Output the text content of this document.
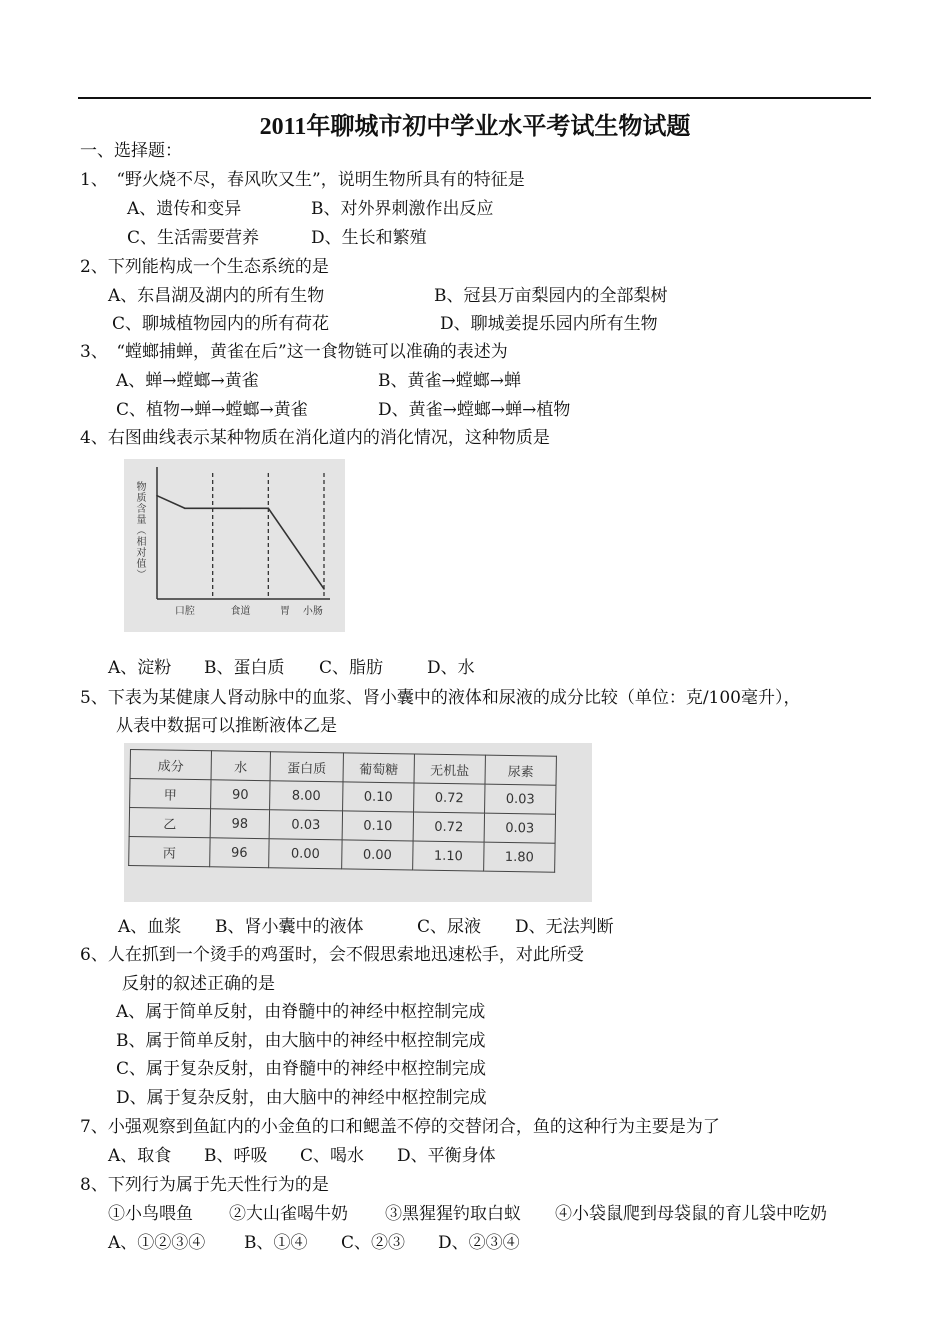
2011年聊城市初中学业水平考试生物试题
一、选择题：
1、　“野火烧不尽，春风吹又生”，说明生物所具有的特征是
A、遗传和变异	B、对外界刺激作出反应
C、生活需要营养	D、生长和繁殖
2、下列能构成一个生态系统的是
A、东昌湖及湖内的所有生物	B、冠县万亩梨园内的全部梨树
C、聊城植物园内的所有荷花	D、聊城姜提乐园内所有生物
3、　“螳螂捕蝉，黄雀在后”这一食物链可以准确的表述为
A、蝉→螳螂→黄雀	B、黄雀→螳螂→蝉
C、植物→蝉→螳螂→黄雀	D、黄雀→螳螂→蝉→植物
4、右图曲线表示某种物质在消化道内的消化情况，这种物质是
物质含量（相对值）
口腔	食道	胃 小肠
A、淀粉 B、蛋白质 C、脂肪	D、水
5、下表为某健康人肾动脉中的血浆、肾小囊中的液体和尿液的成分比较（单位：克/100毫升），
从表中数据可以推断液体乙是
成分	水	蛋白质	葡萄糖	无机盐	尿素
甲	90	8.00	0.10	0.72	0.03
乙	98	0.03	0.10	0.72	0.03
丙	96	0.00	0.00	1.10	1.80
A、血浆 B、肾小囊中的液体	C、尿液 D、无法判断
6、人在抓到一个烫手的鸡蛋时，会不假思索地迅速松手，对此所受
反射的叙述正确的是
A、属于简单反射，由脊髓中的神经中枢控制完成
B、属于简单反射，由大脑中的神经中枢控制完成
C、属于复杂反射，由脊髓中的神经中枢控制完成
D、属于复杂反射，由大脑中的神经中枢控制完成
7、小强观察到鱼缸内的小金鱼的口和鳃盖不停的交替闭合，鱼的这种行为主要是为了
A、取食 B、呼吸 C、喝水 D、平衡身体
8、下列行为属于先天性行为的是
①小鸟喂鱼 ②大山雀喝牛奶 ③黑猩猩钓取白蚁 ④小袋鼠爬到母袋鼠的育儿袋中吃奶
A、①②③④ B、①④ C、②③ D、②③④
